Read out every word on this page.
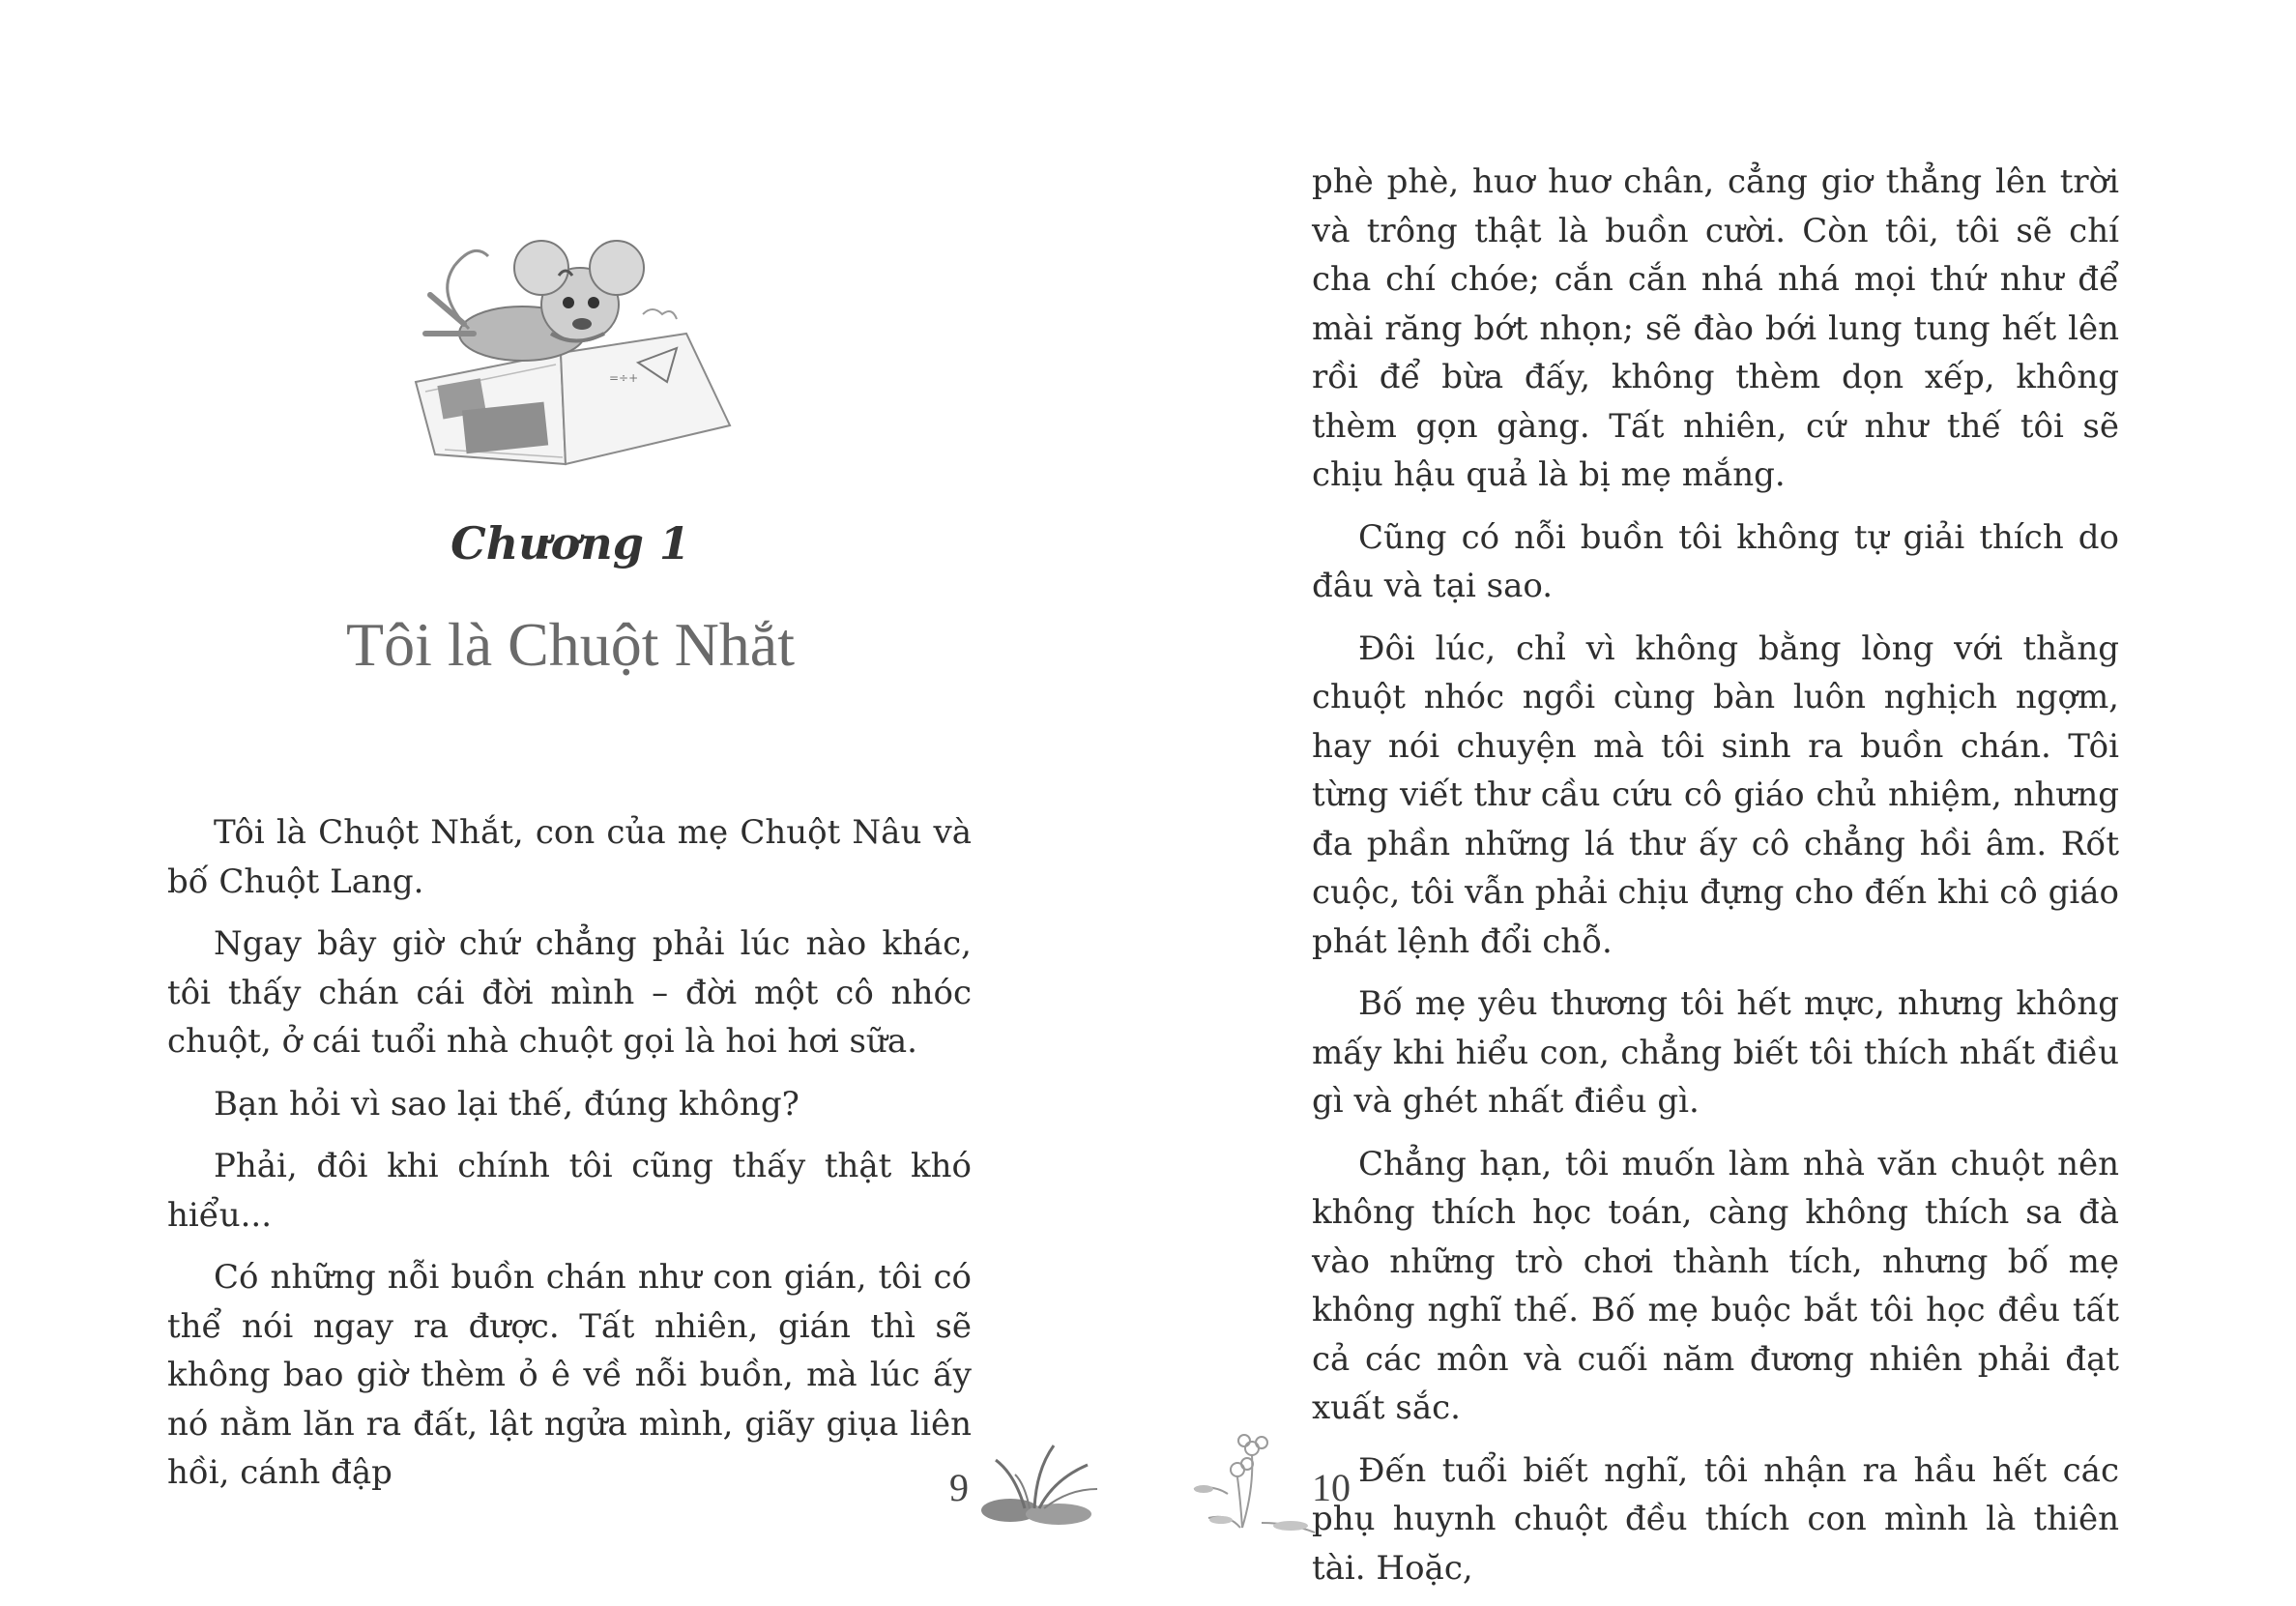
=÷+
Chương 1
Tôi là Chuột Nhắt

Tôi là Chuột Nhắt, con của mẹ Chuột Nâu và bố Chuột Lang.

Ngay bây giờ chứ chẳng phải lúc nào khác, tôi thấy chán cái đời mình – đời một cô nhóc chuột, ở cái tuổi nhà chuột gọi là hoi hơi sữa.

Bạn hỏi vì sao lại thế, đúng không?

Phải, đôi khi chính tôi cũng thấy thật khó hiểu...

Có những nỗi buồn chán như con gián, tôi có thể nói ngay ra được. Tất nhiên, gián thì sẽ không bao giờ thèm ỏ ê về nỗi buồn, mà lúc ấy nó nằm lăn ra đất, lật ngửa mình, giãy giụa liên hồi, cánh đập	9

phè phè, huơ huơ chân, cẳng giơ thẳng lên trời và trông thật là buồn cười. Còn tôi, tôi sẽ chí cha chí chóe; cắn cắn nhá nhá mọi thứ như để mài răng bớt nhọn; sẽ đào bới lung tung hết lên rồi để bừa đấy, không thèm dọn xếp, không thèm gọn gàng. Tất nhiên, cứ như thế tôi sẽ chịu hậu quả là bị mẹ mắng.

Cũng có nỗi buồn tôi không tự giải thích do đâu và tại sao.

Đôi lúc, chỉ vì không bằng lòng với thằng chuột nhóc ngồi cùng bàn luôn nghịch ngợm, hay nói chuyện mà tôi sinh ra buồn chán. Tôi từng viết thư cầu cứu cô giáo chủ nhiệm, nhưng đa phần những lá thư ấy cô chẳng hồi âm. Rốt cuộc, tôi vẫn phải chịu đựng cho đến khi cô giáo phát lệnh đổi chỗ.

Bố mẹ yêu thương tôi hết mực, nhưng không mấy khi hiểu con, chẳng biết tôi thích nhất điều gì và ghét nhất điều gì.

Chẳng hạn, tôi muốn làm nhà văn chuột nên không thích học toán, càng không thích sa đà vào những trò chơi thành tích, nhưng bố mẹ không nghĩ thế. Bố mẹ buộc bắt tôi học đều tất cả các môn và cuối năm đương nhiên phải đạt xuất sắc.

Đến tuổi biết nghĩ, tôi nhận ra hầu hết các phụ huynh chuột đều thích con mình là thiên tài. Hoặc,

10
